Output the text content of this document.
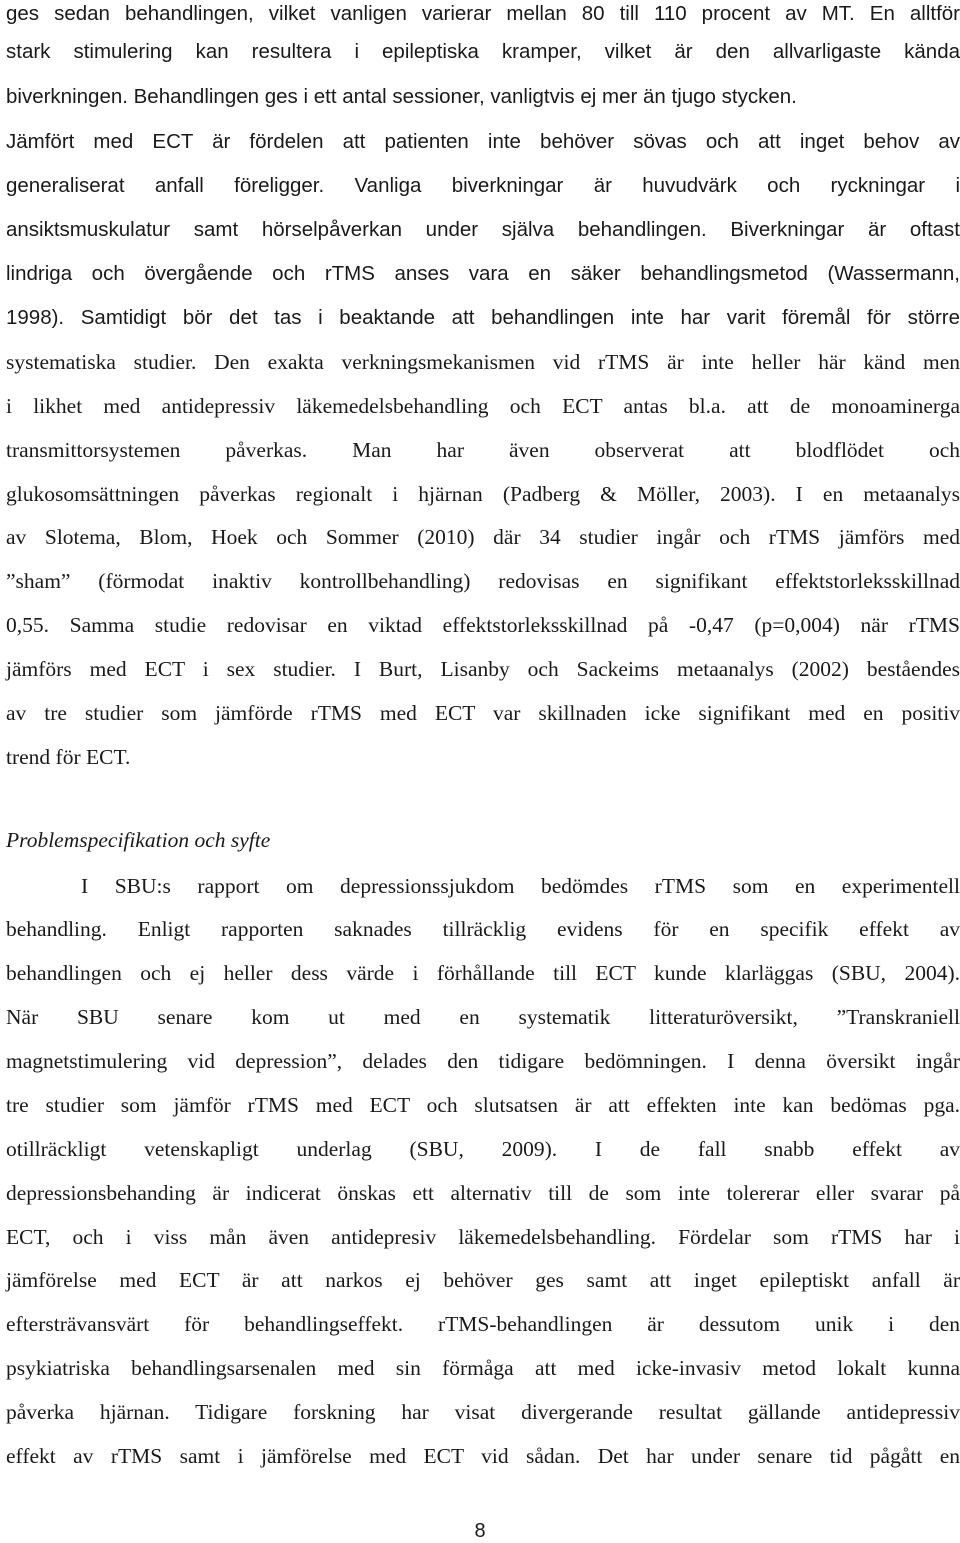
ges sedan behandlingen, vilket vanligen varierar mellan 80 till 110 procent av MT. En alltför
stark stimulering kan resultera i epileptiska kramper, vilket är den allvarligaste kända
biverkningen. Behandlingen ges i ett antal sessioner, vanligtvis ej mer än tjugo stycken.
Jämfört med ECT är fördelen att patienten inte behöver sövas och att inget behov av
generaliserat anfall föreligger. Vanliga biverkningar är huvudvärk och ryckningar i
ansiktsmuskulatur samt hörselpåverkan under själva behandlingen. Biverkningar är oftast
lindriga och övergående och rTMS anses vara en säker behandlingsmetod (Wassermann,
1998). Samtidigt bör det tas i beaktande att behandlingen inte har varit föremål för större
systematiska studier. Den exakta verkningsmekanismen vid rTMS är inte heller här känd men
i likhet med antidepressiv läkemedelsbehandling och ECT antas bl.a. att de monoaminerga
transmittorsystemen påverkas. Man har även observerat att blodflödet och
glukosomsättningen påverkas regionalt i hjärnan (Padberg & Möller, 2003). I en metaanalys
av Slotema, Blom, Hoek och Sommer (2010) där 34 studier ingår och rTMS jämförs med
”sham” (förmodat inaktiv kontrollbehandling) redovisas en signifikant effektstorleksskillnad
0,55. Samma studie redovisar en viktad effektstorleksskillnad på -0,47 (p=0,004) när rTMS
jämförs med ECT i sex studier. I Burt, Lisanby och Sackeims metaanalys (2002) beståendes
av tre studier som jämförde rTMS med ECT var skillnaden icke signifikant med en positiv
trend för ECT.
Problemspecifikation och syfte
I SBU:s rapport om depressionssjukdom bedömdes rTMS som en experimentell
behandling. Enligt rapporten saknades tillräcklig evidens för en specifik effekt av
behandlingen och ej heller dess värde i förhållande till ECT kunde klarläggas (SBU, 2004).
När SBU senare kom ut med en systematik litteraturöversikt, ”Transkraniell
magnetstimulering vid depression”, delades den tidigare bedömningen. I denna översikt ingår
tre studier som jämför rTMS med ECT och slutsatsen är att effekten inte kan bedömas pga.
otillräckligt vetenskapligt underlag (SBU, 2009). I de fall snabb effekt av
depressionsbehanding är indicerat önskas ett alternativ till de som inte tolererar eller svarar på
ECT, och i viss mån även antidepresiv läkemedelsbehandling. Fördelar som rTMS har i
jämförelse med ECT är att narkos ej behöver ges samt att inget epileptiskt anfall är
eftersträvansvärt för behandlingseffekt. rTMS-behandlingen är dessutom unik i den
psykiatriska behandlingsarsenalen med sin förmåga att med icke-invasiv metod lokalt kunna
påverka hjärnan. Tidigare forskning har visat divergerande resultat gällande antidepressiv
effekt av rTMS samt i jämförelse med ECT vid sådan. Det har under senare tid pågått en
8
